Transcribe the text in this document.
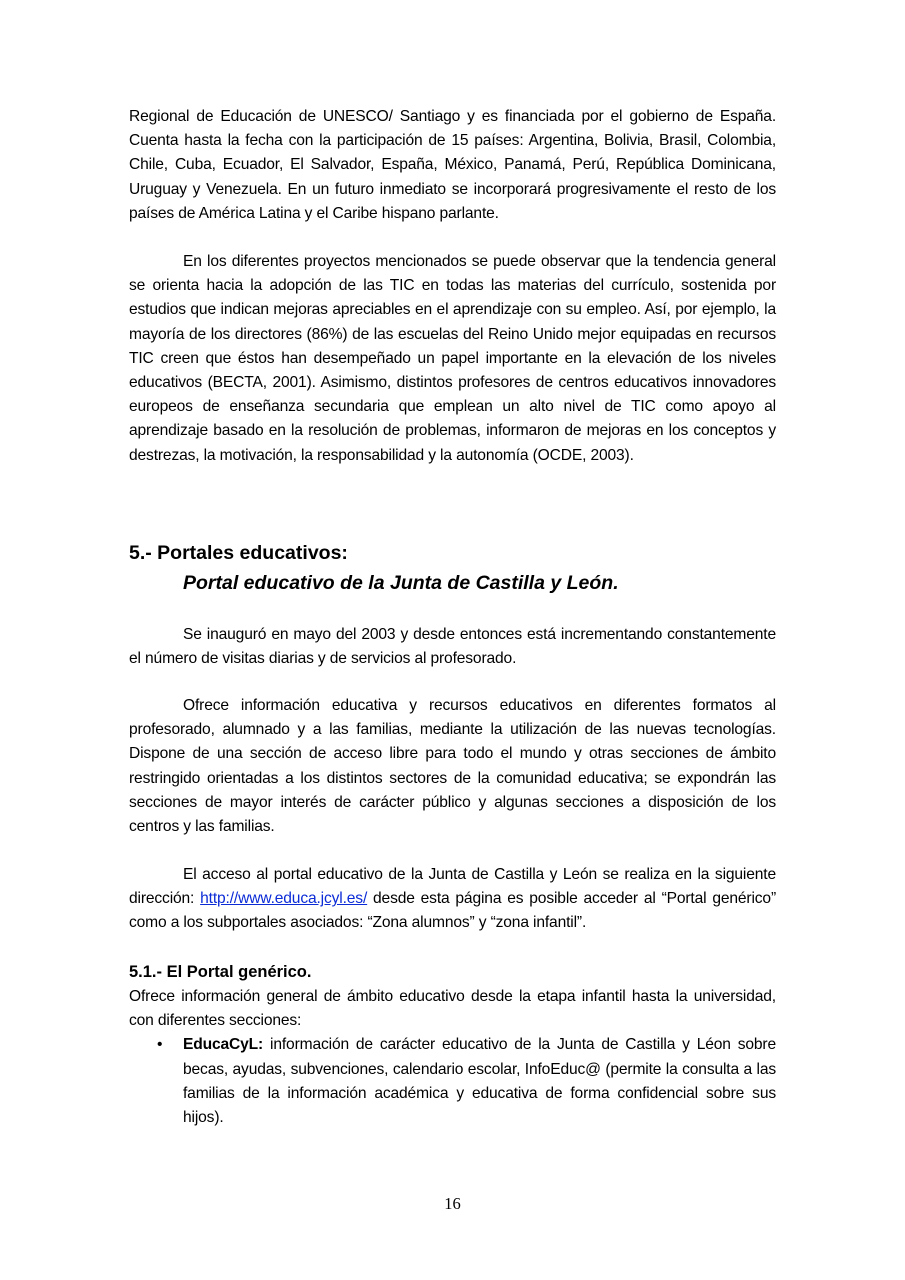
Regional de Educación de UNESCO/ Santiago y es financiada por el gobierno de España. Cuenta hasta la fecha con la participación de 15 países: Argentina, Bolivia, Brasil, Colombia, Chile, Cuba, Ecuador, El Salvador, España, México, Panamá, Perú, República Dominicana, Uruguay y Venezuela. En un futuro inmediato se incorporará progresivamente el resto de los países de América Latina y el Caribe hispano parlante.

En los diferentes proyectos mencionados se puede observar que la tendencia general se orienta hacia la adopción de las TIC en todas las materias del currículo, sostenida por estudios que indican mejoras apreciables en el aprendizaje con su empleo. Así, por ejemplo, la mayoría de los directores (86%) de las escuelas del Reino Unido mejor equipadas en recursos TIC creen que éstos han desempeñado un papel importante en la elevación de los niveles educativos (BECTA, 2001). Asimismo, distintos profesores de centros educativos innovadores europeos de enseñanza secundaria que emplean un alto nivel de TIC como apoyo al aprendizaje basado en la resolución de problemas, informaron de mejoras en los conceptos y destrezas, la motivación, la responsabilidad y la autonomía (OCDE, 2003).

5.- Portales educativos:
Portal educativo de la Junta de Castilla y León.

Se inauguró en mayo del 2003 y desde entonces está incrementando constantemente el número de visitas diarias y de servicios al profesorado.

Ofrece información educativa y recursos educativos en diferentes formatos al profesorado, alumnado y a las familias, mediante la utilización de las nuevas tecnologías. Dispone de una sección de acceso libre para todo el mundo y otras secciones de ámbito restringido orientadas a los distintos sectores de la comunidad educativa; se expondrán las secciones de mayor interés de carácter público y algunas secciones a disposición de los centros y las familias.

El acceso al portal educativo de la Junta de Castilla y León se realiza en la siguiente dirección: http://www.educa.jcyl.es/ desde esta página es posible acceder al “Portal genérico” como a los subportales asociados: “Zona alumnos” y “zona infantil”.

5.1.- El Portal genérico.

Ofrece información general de ámbito educativo desde la etapa infantil hasta la universidad, con diferentes secciones:

• EducaCyL: información de carácter educativo de la Junta de Castilla y Léon sobre becas, ayudas, subvenciones, calendario escolar, InfoEduc@ (permite la consulta a las familias de la información académica y educativa de forma confidencial sobre sus hijos).

16
